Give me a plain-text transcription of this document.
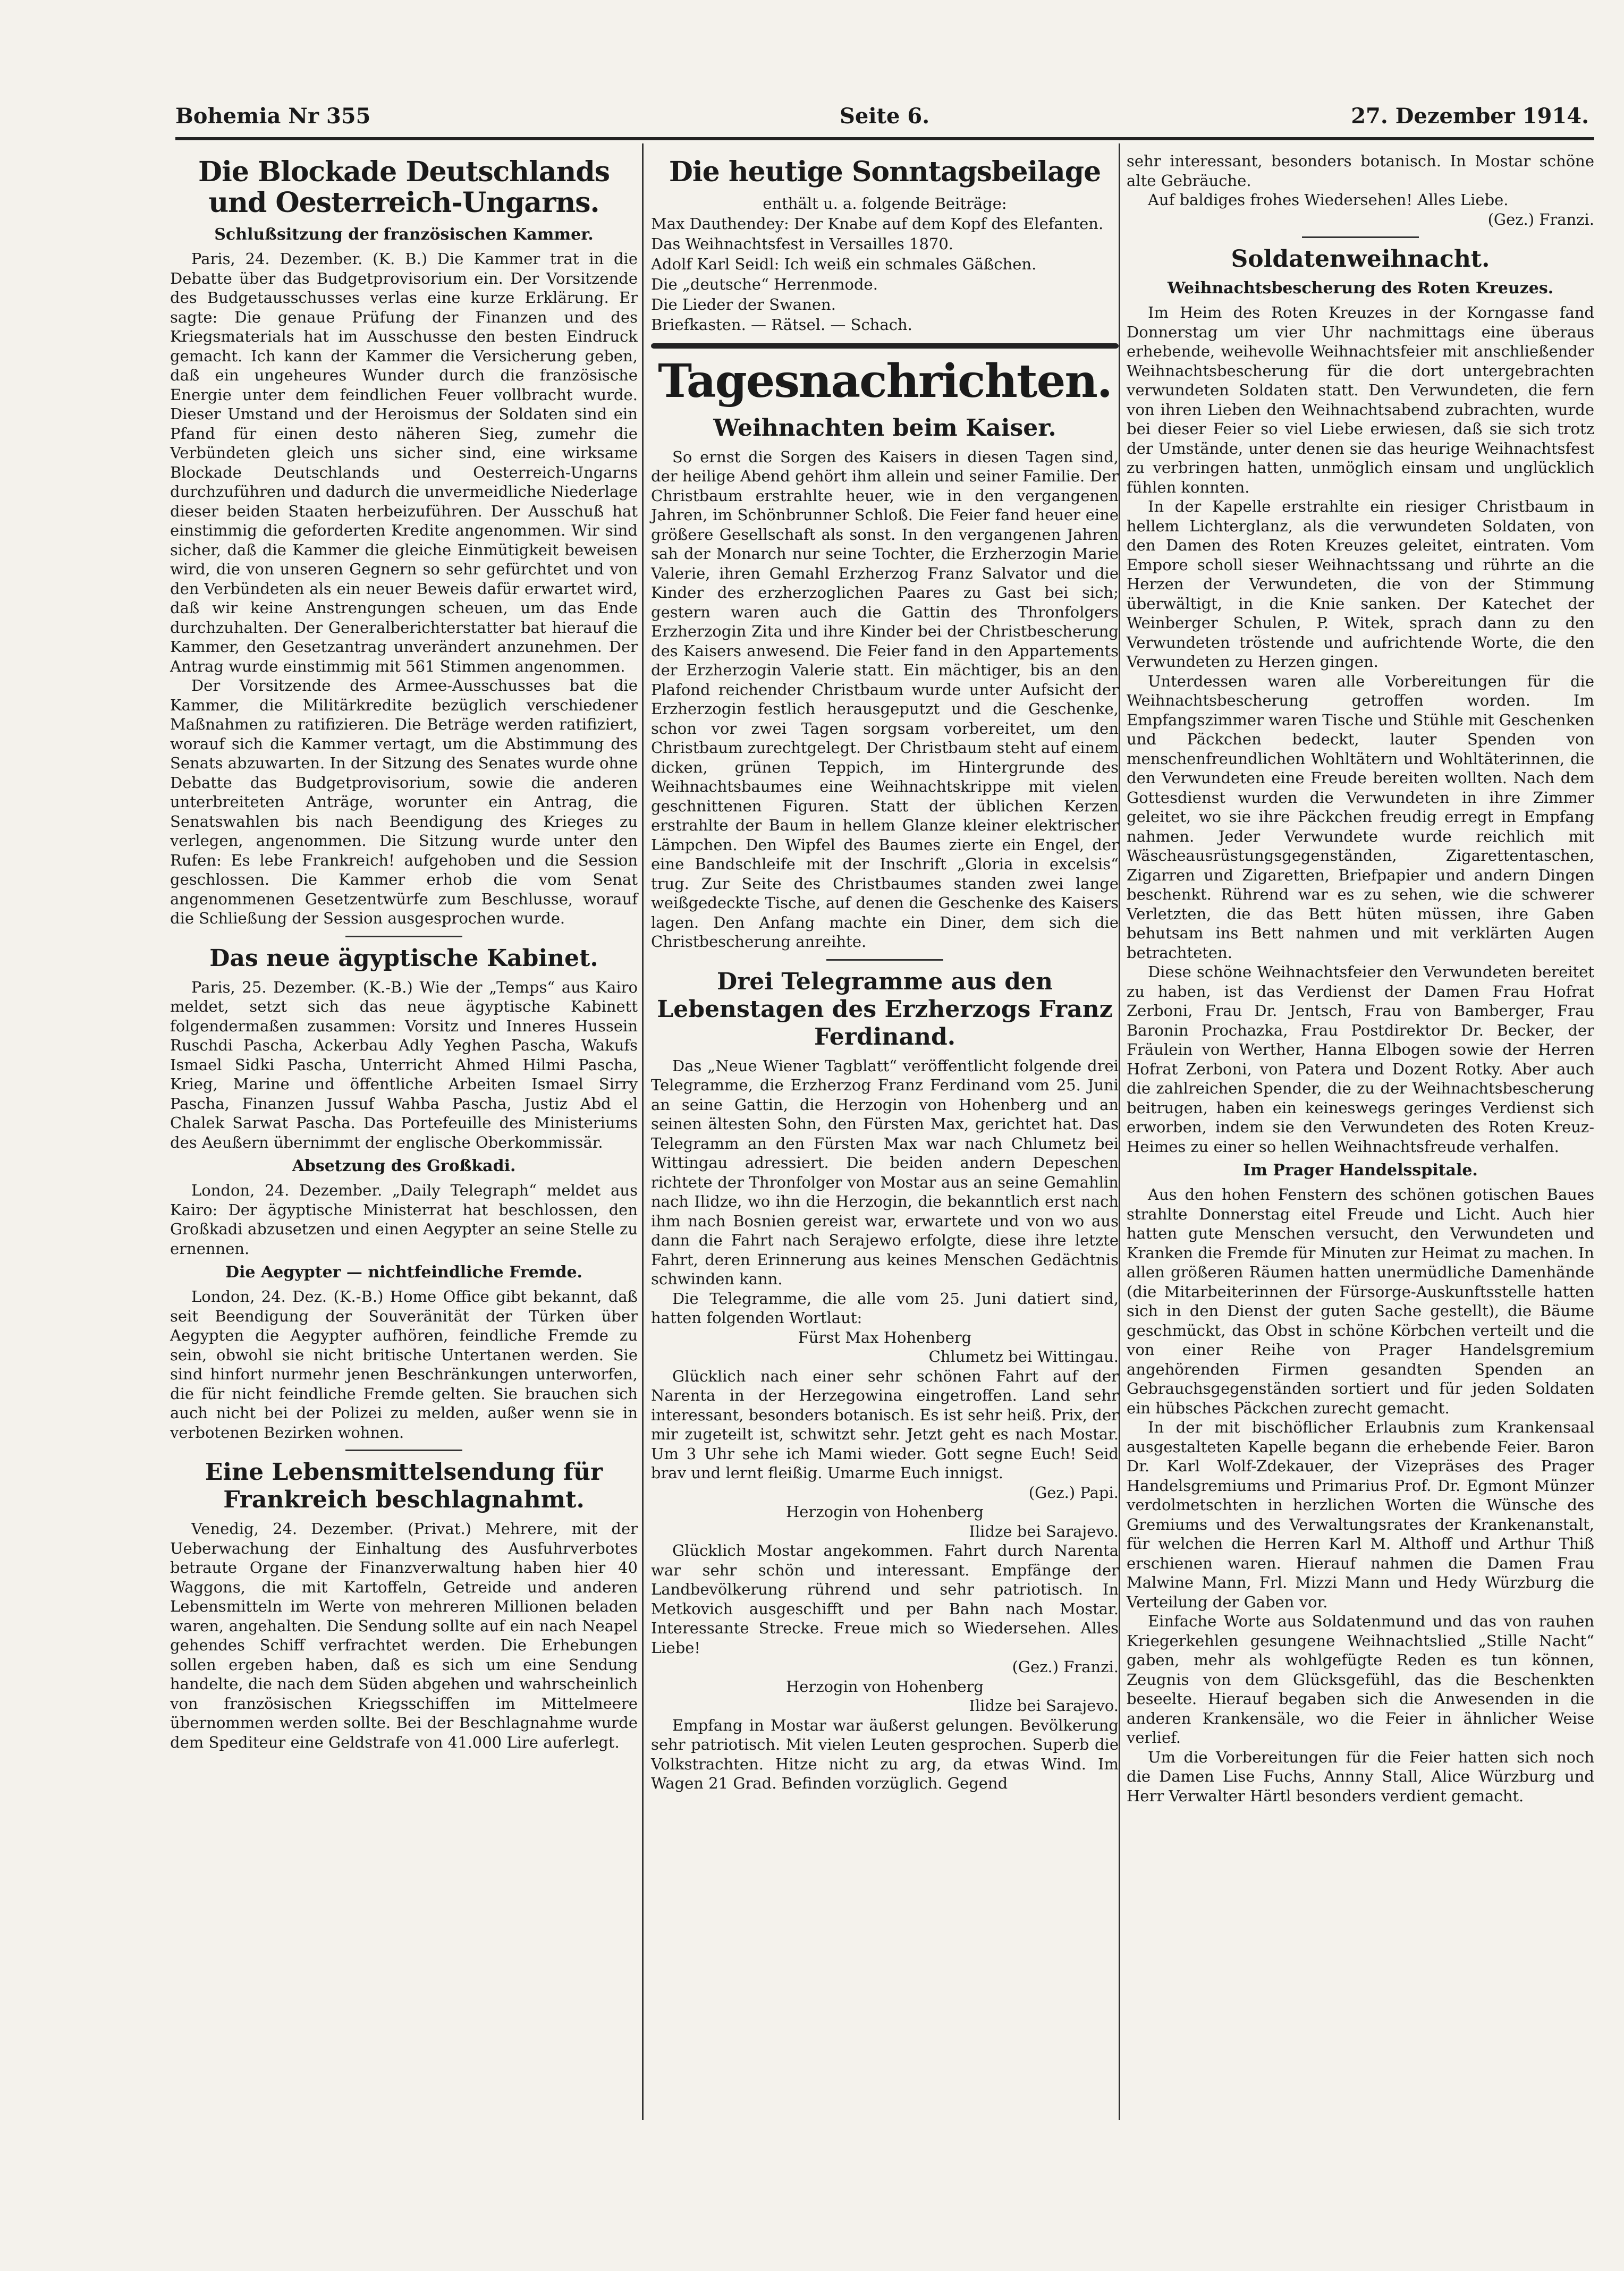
Bohemia Nr 355	Seite 6.	27. Dezember 1914.
Die Blockade Deutschlands und Oesterreich-Ungarns.
Schlußsitzung der französischen Kammer.

Paris, 24. Dezember. (K. B.) Die Kammer trat in die Debatte über das Budgetprovisorium ein. Der Vorsitzende des Budgetausschusses verlas eine kurze Erklärung. Er sagte: Die genaue Prüfung der Finanzen und des Kriegsmaterials hat im Ausschusse den besten Eindruck gemacht. Ich kann der Kammer die Versicherung geben, daß ein ungeheures Wunder durch die französische Energie unter dem feindlichen Feuer vollbracht wurde. Dieser Umstand und der Heroismus der Soldaten sind ein Pfand für einen desto näheren Sieg, zumehr die Verbündeten gleich uns sicher sind, eine wirksame Blockade Deutschlands und Oesterreich-Ungarns durchzuführen und dadurch die unvermeidliche Niederlage dieser beiden Staaten herbeizuführen. Der Ausschuß hat einstimmig die geforderten Kredite angenommen. Wir sind sicher, daß die Kammer die gleiche Einmütigkeit beweisen wird, die von unseren Gegnern so sehr gefürchtet und von den Verbündeten als ein neuer Beweis dafür erwartet wird, daß wir keine Anstrengungen scheuen, um das Ende durchzuhalten. Der Generalberichterstatter bat hierauf die Kammer, den Gesetzantrag unverändert anzunehmen. Der Antrag wurde einstimmig mit 561 Stimmen angenommen.

Der Vorsitzende des Armee-Ausschusses bat die Kammer, die Militärkredite bezüglich verschiedener Maßnahmen zu ratifizieren. Die Beträge werden ratifiziert, worauf sich die Kammer vertagt, um die Abstimmung des Senats abzuwarten. In der Sitzung des Senates wurde ohne Debatte das Budgetprovisorium, sowie die anderen unterbreiteten Anträge, worunter ein Antrag, die Senatswahlen bis nach Beendigung des Krieges zu verlegen, angenommen. Die Sitzung wurde unter den Rufen: Es lebe Frankreich! aufgehoben und die Session geschlossen. Die Kammer erhob die vom Senat angenommenen Gesetzentwürfe zum Beschlusse, worauf die Schließung der Session ausgesprochen wurde.

Das neue ägyptische Kabinet.

Paris, 25. Dezember. (K.-B.) Wie der „Temps“ aus Kairo meldet, setzt sich das neue ägyptische Kabinett folgendermaßen zusammen: Vorsitz und Inneres Hussein Ruschdi Pascha, Ackerbau Adly Yeghen Pascha, Wakufs Ismael Sidki Pascha, Unterricht Ahmed Hilmi Pascha, Krieg, Marine und öffentliche Arbeiten Ismael Sirry Pascha, Finanzen Jussuf Wahba Pascha, Justiz Abd el Chalek Sarwat Pascha. Das Portefeuille des Ministeriums des Aeußern übernimmt der englische Oberkommissär.

Absetzung des Großkadi.

London, 24. Dezember. „Daily Telegraph“ meldet aus Kairo: Der ägyptische Ministerrat hat beschlossen, den Großkadi abzusetzen und einen Aegypter an seine Stelle zu ernennen.

Die Aegypter — nichtfeindliche Fremde.

London, 24. Dez. (K.-B.) Home Office gibt bekannt, daß seit Beendigung der Souveränität der Türken über Aegypten die Aegypter aufhören, feindliche Fremde zu sein, obwohl sie nicht britische Untertanen werden. Sie sind hinfort nurmehr jenen Beschränkungen unterworfen, die für nicht feindliche Fremde gelten. Sie brauchen sich auch nicht bei der Polizei zu melden, außer wenn sie in verbotenen Bezirken wohnen.

Eine Lebensmittelsendung für Frankreich beschlagnahmt.

Venedig, 24. Dezember. (Privat.) Mehrere, mit der Ueberwachung der Einhaltung des Ausfuhrverbotes betraute Organe der Finanzverwaltung haben hier 40 Waggons, die mit Kartoffeln, Getreide und anderen Lebensmitteln im Werte von mehreren Millionen beladen waren, angehalten. Die Sendung sollte auf ein nach Neapel gehendes Schiff verfrachtet werden. Die Erhebungen sollen ergeben haben, daß es sich um eine Sendung handelte, die nach dem Süden abgehen und wahrscheinlich von französischen Kriegsschiffen im Mittelmeere übernommen werden sollte. Bei der Beschlagnahme wurde dem Spediteur eine Geldstrafe von 41.000 Lire auferlegt.

Die heutige Sonntagsbeilage

enthält u. a. folgende Beiträge:

Max Dauthendey: Der Knabe auf dem Kopf des Elefanten.

Das Weihnachtsfest in Versailles 1870.

Adolf Karl Seidl: Ich weiß ein schmales Gäßchen.

Die „deutsche“ Herrenmode.

Die Lieder der Swanen.

Briefkasten. — Rätsel. — Schach.

Tagesnachrichten.
Weihnachten beim Kaiser.

So ernst die Sorgen des Kaisers in diesen Tagen sind, der heilige Abend gehört ihm allein und seiner Familie. Der Christbaum erstrahlte heuer, wie in den vergangenen Jahren, im Schönbrunner Schloß. Die Feier fand heuer eine größere Gesellschaft als sonst. In den vergangenen Jahren sah der Monarch nur seine Tochter, die Erzherzogin Marie Valerie, ihren Gemahl Erzherzog Franz Salvator und die Kinder des erzherzoglichen Paares zu Gast bei sich; gestern waren auch die Gattin des Thronfolgers Erzherzogin Zita und ihre Kinder bei der Christbescherung des Kaisers anwesend. Die Feier fand in den Appartements der Erzherzogin Valerie statt. Ein mächtiger, bis an den Plafond reichender Christbaum wurde unter Aufsicht der Erzherzogin festlich herausgeputzt und die Geschenke, schon vor zwei Tagen sorgsam vorbereitet, um den Christbaum zurechtgelegt. Der Christbaum steht auf einem dicken, grünen Teppich, im Hintergrunde des Weihnachtsbaumes eine Weihnachtskrippe mit vielen geschnittenen Figuren. Statt der üblichen Kerzen erstrahlte der Baum in hellem Glanze kleiner elektrischer Lämpchen. Den Wipfel des Baumes zierte ein Engel, der eine Bandschleife mit der Inschrift „Gloria in excelsis“ trug. Zur Seite des Christbaumes standen zwei lange weißgedeckte Tische, auf denen die Geschenke des Kaisers lagen. Den Anfang machte ein Diner, dem sich die Christbescherung anreihte.

Drei Telegramme aus den Lebenstagen des Erzherzogs Franz Ferdinand.

Das „Neue Wiener Tagblatt“ veröffentlicht folgende drei Telegramme, die Erzherzog Franz Ferdinand vom 25. Juni an seine Gattin, die Herzogin von Hohenberg und an seinen ältesten Sohn, den Fürsten Max, gerichtet hat. Das Telegramm an den Fürsten Max war nach Chlumetz bei Wittingau adressiert. Die beiden andern Depeschen richtete der Thronfolger von Mostar aus an seine Gemahlin nach Ilidze, wo ihn die Herzogin, die bekanntlich erst nach ihm nach Bosnien gereist war, erwartete und von wo aus dann die Fahrt nach Serajewo erfolgte, diese ihre letzte Fahrt, deren Erinnerung aus keines Menschen Gedächtnis schwinden kann.

Die Telegramme, die alle vom 25. Juni datiert sind, hatten folgenden Wortlaut:

Fürst Max Hohenberg

Chlumetz bei Wittingau.

Glücklich nach einer sehr schönen Fahrt auf der Narenta in der Herzegowina eingetroffen. Land sehr interessant, besonders botanisch. Es ist sehr heiß. Prix, der mir zugeteilt ist, schwitzt sehr. Jetzt geht es nach Mostar. Um 3 Uhr sehe ich Mami wieder. Gott segne Euch! Seid brav und lernt fleißig. Umarme Euch innigst.

(Gez.) Papi.

Herzogin von Hohenberg

Ilidze bei Sarajevo.

Glücklich Mostar angekommen. Fahrt durch Narenta war sehr schön und interessant. Empfänge der Landbevölkerung rührend und sehr patriotisch. In Metkovich ausgeschifft und per Bahn nach Mostar. Interessante Strecke. Freue mich so Wiedersehen. Alles Liebe!

(Gez.) Franzi.

Herzogin von Hohenberg

Ilidze bei Sarajevo.

Empfang in Mostar war äußerst gelungen. Bevölkerung sehr patriotisch. Mit vielen Leuten gesprochen. Superb die Volkstrachten. Hitze nicht zu arg, da etwas Wind. Im Wagen 21 Grad. Befinden vorzüglich. Gegend

sehr interessant, besonders botanisch. In Mostar schöne alte Gebräuche.

Auf baldiges frohes Wiedersehen! Alles Liebe.

(Gez.) Franzi.

Soldatenweihnacht.
Weihnachtsbescherung des Roten Kreuzes.

Im Heim des Roten Kreuzes in der Korngasse fand Donnerstag um vier Uhr nachmittags eine überaus erhebende, weihevolle Weihnachtsfeier mit anschließender Weihnachtsbescherung für die dort untergebrachten verwundeten Soldaten statt. Den Verwundeten, die fern von ihren Lieben den Weihnachtsabend zubrachten, wurde bei dieser Feier so viel Liebe erwiesen, daß sie sich trotz der Umstände, unter denen sie das heurige Weihnachtsfest zu verbringen hatten, unmöglich einsam und unglücklich fühlen konnten.

In der Kapelle erstrahlte ein riesiger Christbaum in hellem Lichterglanz, als die verwundeten Soldaten, von den Damen des Roten Kreuzes geleitet, eintraten. Vom Empore scholl sieser Weihnachtssang und rührte an die Herzen der Verwundeten, die von der Stimmung überwältigt, in die Knie sanken. Der Katechet der Weinberger Schulen, P. Witek, sprach dann zu den Verwundeten tröstende und aufrichtende Worte, die den Verwundeten zu Herzen gingen.

Unterdessen waren alle Vorbereitungen für die Weihnachtsbescherung getroffen worden. Im Empfangszimmer waren Tische und Stühle mit Geschenken und Päckchen bedeckt, lauter Spenden von menschenfreundlichen Wohltätern und Wohltäterinnen, die den Verwundeten eine Freude bereiten wollten. Nach dem Gottesdienst wurden die Verwundeten in ihre Zimmer geleitet, wo sie ihre Päckchen freudig erregt in Empfang nahmen. Jeder Verwundete wurde reichlich mit Wäscheausrüstungsgegenständen, Zigarettentaschen, Zigarren und Zigaretten, Briefpapier und andern Dingen beschenkt. Rührend war es zu sehen, wie die schwerer Verletzten, die das Bett hüten müssen, ihre Gaben behutsam ins Bett nahmen und mit verklärten Augen betrachteten.

Diese schöne Weihnachtsfeier den Verwundeten bereitet zu haben, ist das Verdienst der Damen Frau Hofrat Zerboni, Frau Dr. Jentsch, Frau von Bamberger, Frau Baronin Prochazka, Frau Postdirektor Dr. Becker, der Fräulein von Werther, Hanna Elbogen sowie der Herren Hofrat Zerboni, von Patera und Dozent Rotky. Aber auch die zahlreichen Spender, die zu der Weihnachtsbescherung beitrugen, haben ein keineswegs geringes Verdienst sich erworben, indem sie den Verwundeten des Roten Kreuz-Heimes zu einer so hellen Weihnachtsfreude verhalfen.

Im Prager Handelsspitale.

Aus den hohen Fenstern des schönen gotischen Baues strahlte Donnerstag eitel Freude und Licht. Auch hier hatten gute Menschen versucht, den Verwundeten und Kranken die Fremde für Minuten zur Heimat zu machen. In allen größeren Räumen hatten unermüdliche Damenhände (die Mitarbeiterinnen der Fürsorge-Auskunftsstelle hatten sich in den Dienst der guten Sache gestellt), die Bäume geschmückt, das Obst in schöne Körbchen verteilt und die von einer Reihe von Prager Handelsgremium angehörenden Firmen gesandten Spenden an Gebrauchsgegenständen sortiert und für jeden Soldaten ein hübsches Päckchen zurecht gemacht.

In der mit bischöflicher Erlaubnis zum Krankensaal ausgestalteten Kapelle begann die erhebende Feier. Baron Dr. Karl Wolf-Zdekauer, der Vizepräses des Prager Handelsgremiums und Primarius Prof. Dr. Egmont Münzer verdolmetschten in herzlichen Worten die Wünsche des Gremiums und des Verwaltungsrates der Krankenanstalt, für welchen die Herren Karl M. Althoff und Arthur Thiß erschienen waren. Hierauf nahmen die Damen Frau Malwine Mann, Frl. Mizzi Mann und Hedy Würzburg die Verteilung der Gaben vor.

Einfache Worte aus Soldatenmund und das von rauhen Kriegerkehlen gesungene Weihnachtslied „Stille Nacht“ gaben, mehr als wohlgefügte Reden es tun können, Zeugnis von dem Glücksgefühl, das die Beschenkten beseelte. Hierauf begaben sich die Anwesenden in die anderen Krankensäle, wo die Feier in ähnlicher Weise verlief.

Um die Vorbereitungen für die Feier hatten sich noch die Damen Lise Fuchs, Annny Stall, Alice Würzburg und Herr Verwalter Härtl besonders verdient gemacht.
